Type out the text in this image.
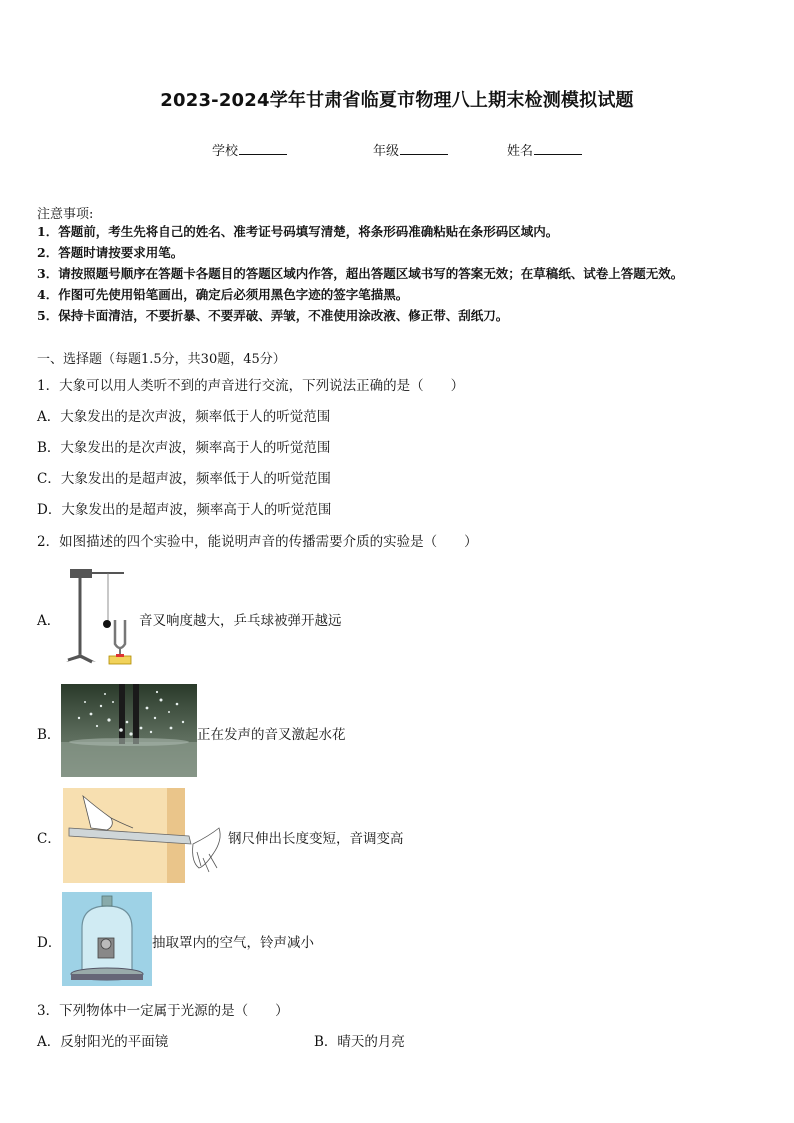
2023-2024学年甘肃省临夏市物理八上期末检测模拟试题
学校	年级	姓名
注意事项:
1．答题前，考生先将自己的姓名、准考证号码填写清楚，将条形码准确粘贴在条形码区域内。
2．答题时请按要求用笔。
3．请按照题号顺序在答题卡各题目的答题区域内作答，超出答题区域书写的答案无效；在草稿纸、试卷上答题无效。
4．作图可先使用铅笔画出，确定后必须用黑色字迹的签字笔描黑。
5．保持卡面清洁，不要折暴、不要弄破、弄皱，不准使用涂改液、修正带、刮纸刀。
一、选择题（每题1.5分，共30题，45分）
1．大象可以用人类听不到的声音进行交流，下列说法正确的是（　　）
A．大象发出的是次声波，频率低于人的听觉范围
B．大象发出的是次声波，频率高于人的听觉范围
C．大象发出的是超声波，频率低于人的听觉范围
D．大象发出的是超声波，频率高于人的听觉范围
2．如图描述的四个实验中，能说明声音的传播需要介质的实验是（　　）
A．	音叉响度越大，乒乓球被弹开越远
B．	正在发声的音叉激起水花
C．	钢尺伸出长度变短，音调变高
D．	抽取罩内的空气，铃声减小
3．下列物体中一定属于光源的是（　　）
A．反射阳光的平面镜	B．晴天的月亮
